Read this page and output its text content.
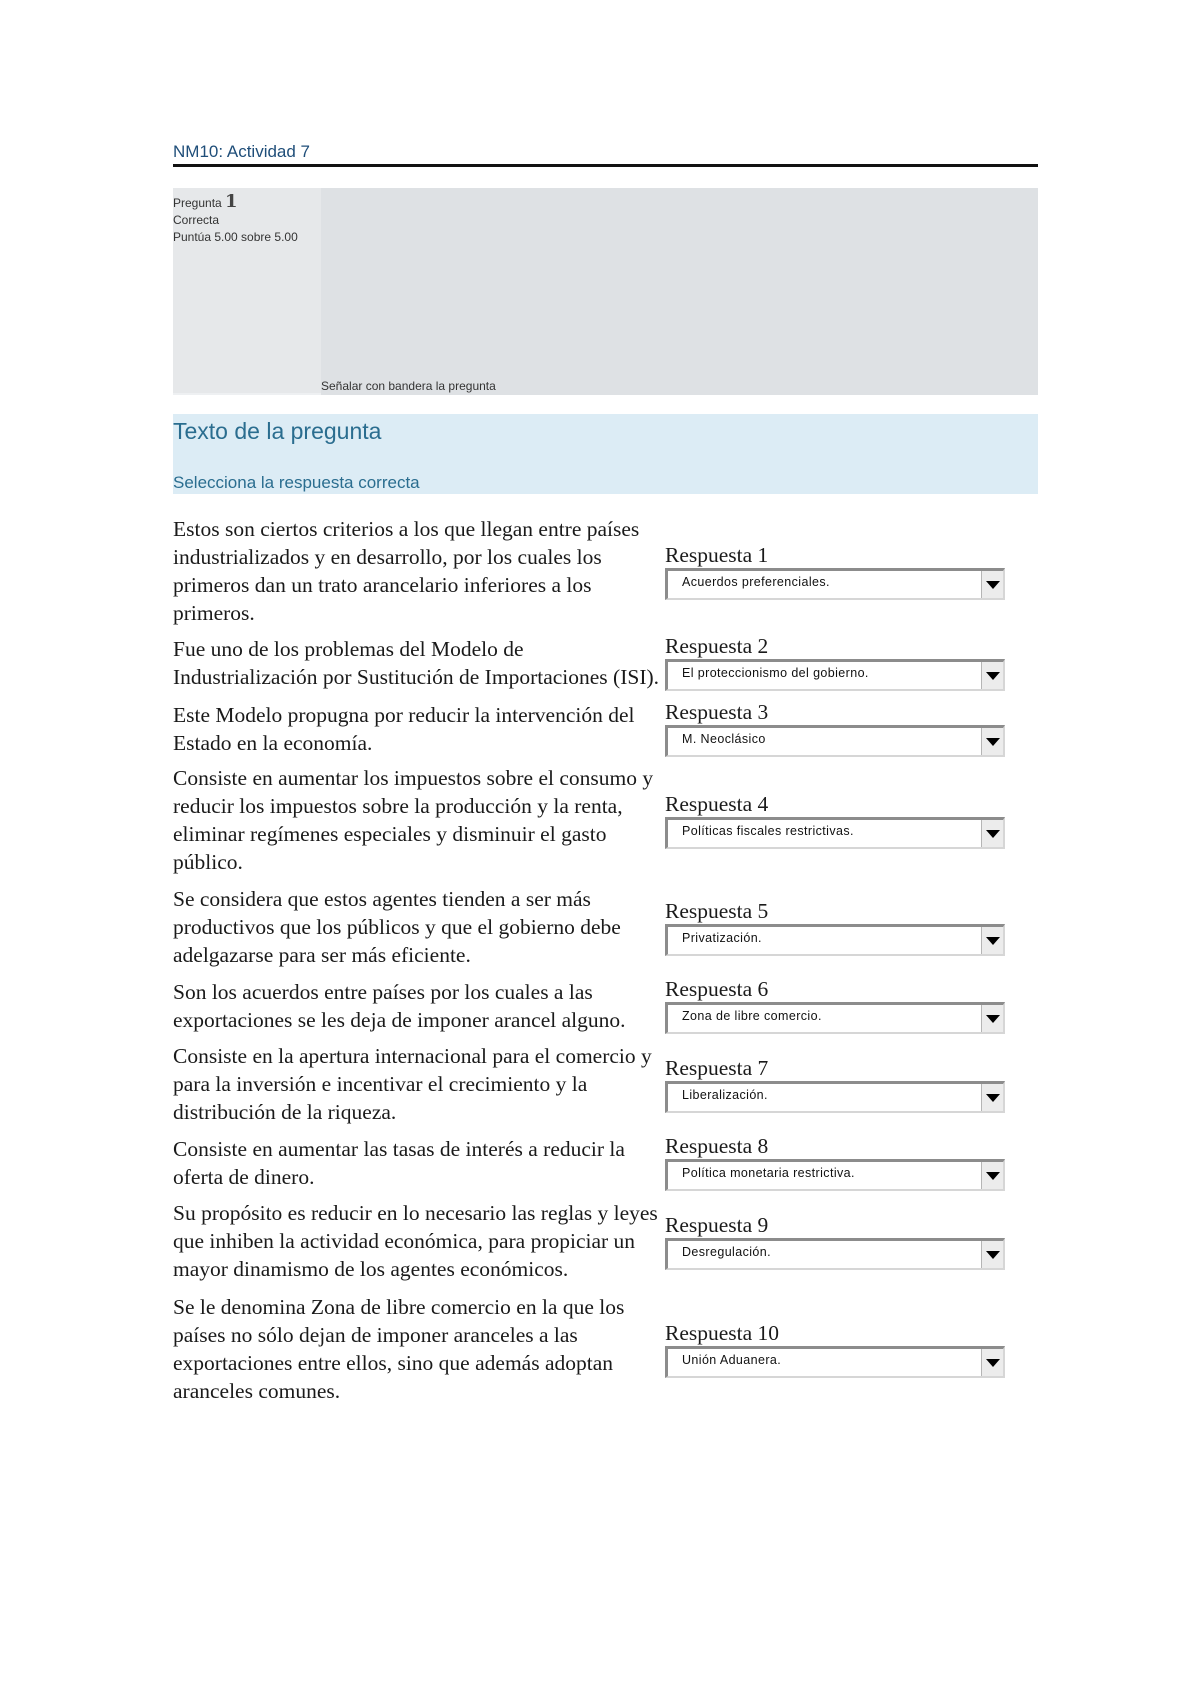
NM10: Actividad 7
Pregunta 1
Correcta
Puntúa 5.00 sobre 5.00
Señalar con bandera la pregunta
Texto de la pregunta
Selecciona la respuesta correcta
Estos son ciertos criterios a los que llegan entre países industrializados y en desarrollo, por los cuales los primeros dan un trato arancelario inferiores a los primeros.
Respuesta 1
Acuerdos preferenciales.
Fue uno de los problemas del Modelo de Industrialización por Sustitución de Importaciones (ISI).
Respuesta 2
El proteccionismo del gobierno.
Este Modelo propugna por reducir la intervención del Estado en la economía.
Respuesta 3
M. Neoclásico
Consiste en aumentar los impuestos sobre el consumo y reducir los impuestos sobre la producción y la renta, eliminar regímenes especiales y disminuir el gasto público.
Respuesta 4
Políticas fiscales restrictivas.
Se considera que estos agentes tienden a ser más productivos que los públicos y que el gobierno debe adelgazarse para ser más eficiente.
Respuesta 5
Privatización.
Son los acuerdos entre países por los cuales a las exportaciones se les deja de imponer arancel alguno.
Respuesta 6
Zona de libre comercio.
Consiste en la apertura internacional para el comercio y para la inversión e incentivar el crecimiento y la distribución de la riqueza.
Respuesta 7
Liberalización.
Consiste en aumentar las tasas de interés a reducir la oferta de dinero.
Respuesta 8
Política monetaria restrictiva.
Su propósito es reducir en lo necesario las reglas y leyes que inhiben la actividad económica, para propiciar un mayor dinamismo de los agentes económicos.
Respuesta 9
Desregulación.
Se le denomina Zona de libre comercio en la que los países no sólo dejan de imponer aranceles a las exportaciones entre ellos, sino que además adoptan aranceles comunes.
Respuesta 10
Unión Aduanera.
